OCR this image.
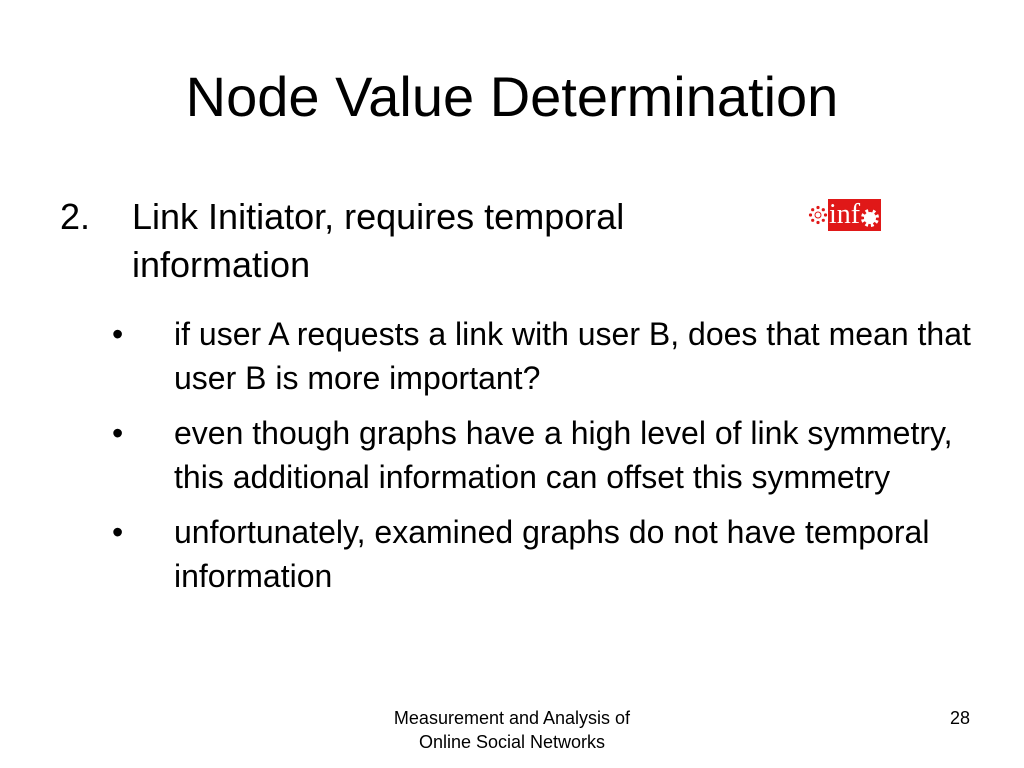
Node Value Determination
2. Link Initiator, requires temporal information
inf
• if user A requests a link with user B, does that mean that user B is more important?
• even though graphs have a high level of link symmetry, this additional information can offset this symmetry
• unfortunately, examined graphs do not have temporal information
Measurement and Analysis of
Online Social Networks
28
